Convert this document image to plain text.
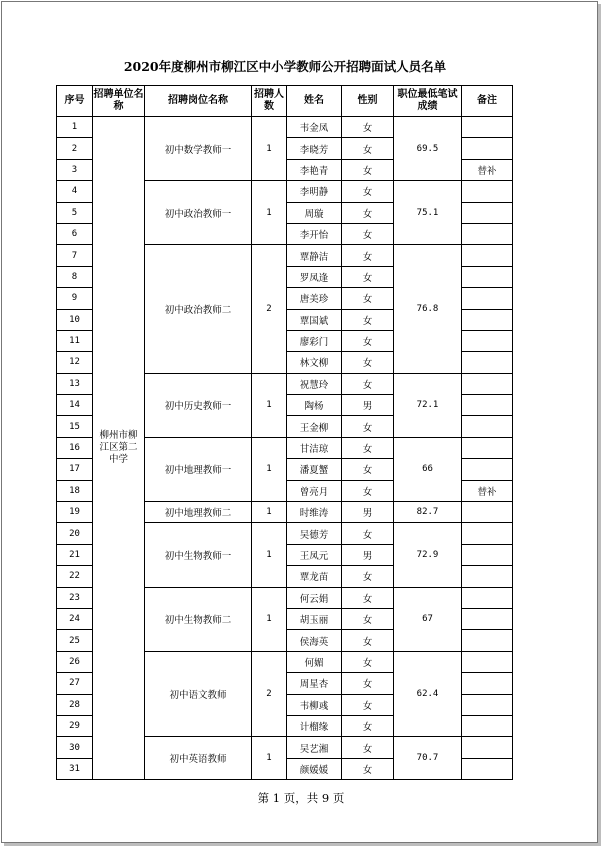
2020年度柳州市柳江区中小学教师公开招聘面试人员名单
序号	招聘单位名称	招聘岗位名称	招聘人数	姓名	性别	职位最低笔试成绩	备注
1	柳州市柳江区第二中学	初中数学教师一	1	韦金凤	女	69.5	
2				李晓芳	女		
3				李艳青	女		替补
4		初中政治教师一	1	李明静	女	75.1	
5				周璇	女		
6				李开怡	女		
7		初中政治教师二	2	覃静洁	女	76.8	
8				罗凤逢	女		
9				唐美珍	女		
10				覃国斌	女		
11				廖彩门	女		
12				林文柳	女		
13		初中历史教师一	1	祝慧玲	女	72.1	
14				陶杨	男		
15				王金柳	女		
16		初中地理教师一	1	甘洁琼	女	66	
17				潘夏蟹	女		
18				曾亮月	女		替补
19		初中地理教师二	1	时维涛	男	82.7	
20		初中生物教师一	1	吴德芳	女	72.9	
21				王凤元	男		
22				覃龙苗	女		
23		初中生物教师二	1	何云娟	女	67	
24				胡玉丽	女		
25				侯海英	女		
26		初中语文教师	2	何媚	女	62.4	
27				周星杏	女		
28				韦柳彧	女		
29				计榴缘	女		
30		初中英语教师	1	吴艺湘	女	70.7	
31				颜媛媛	女		
第 1 页，共 9 页
